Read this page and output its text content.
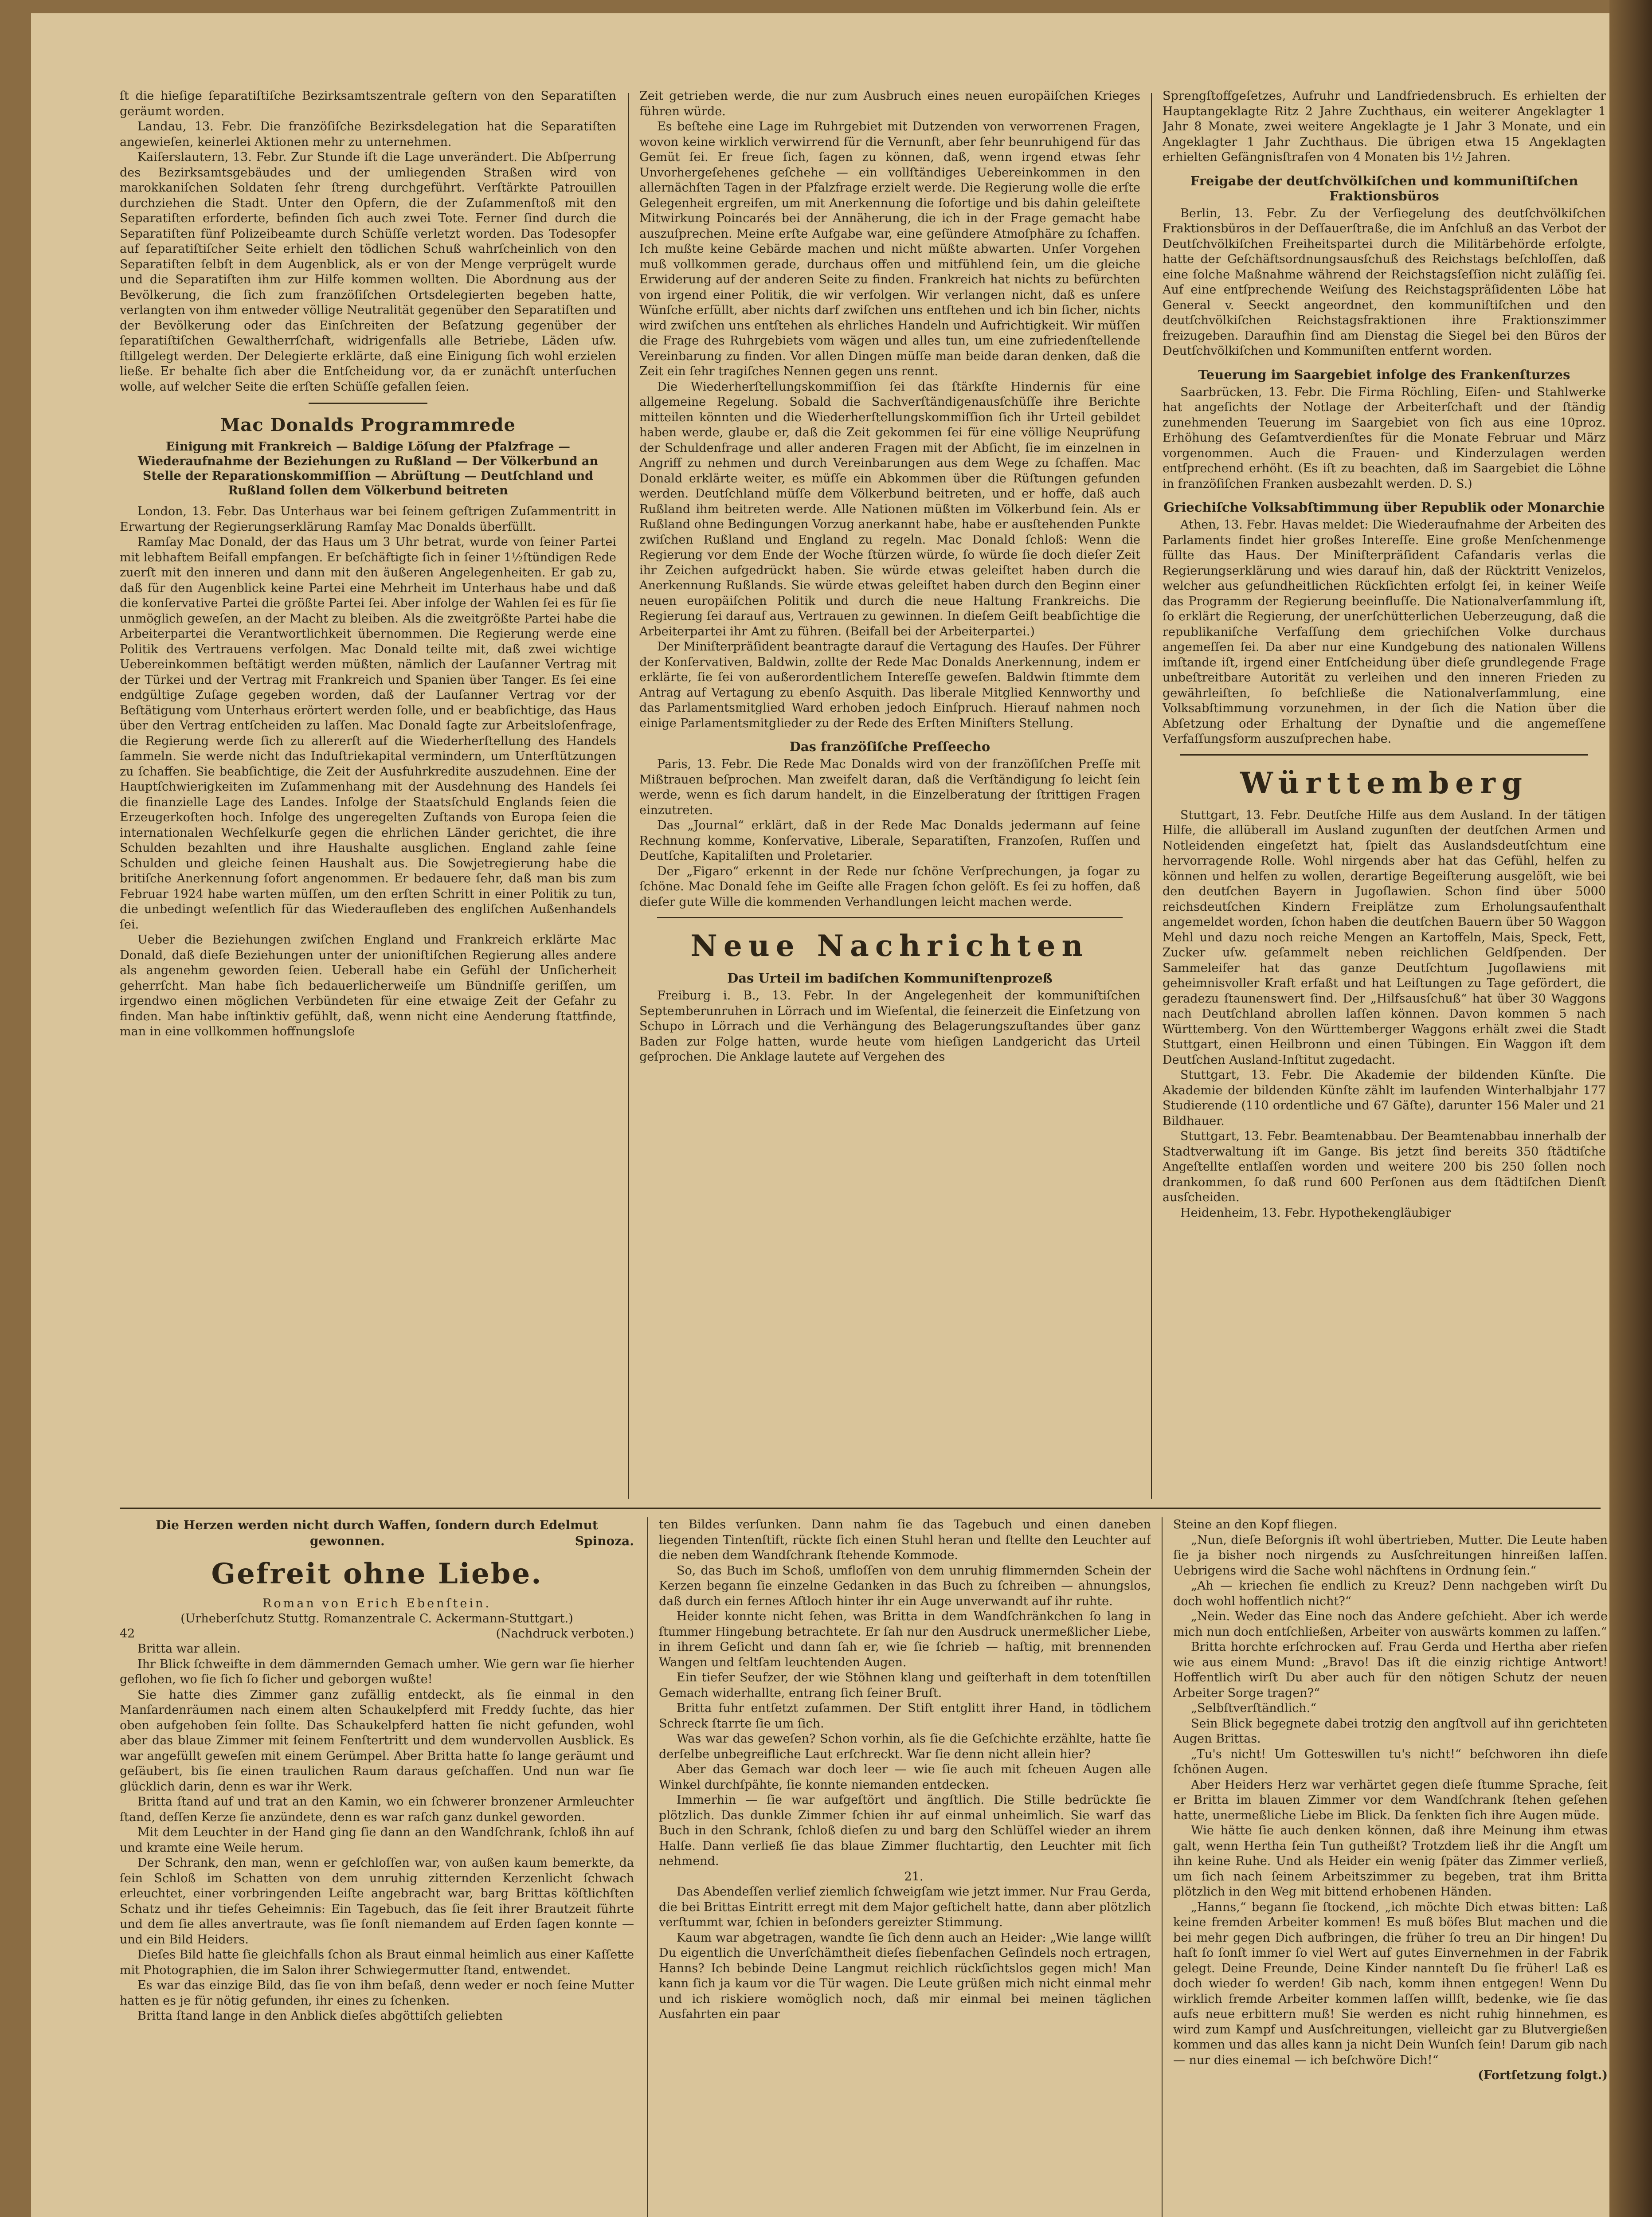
ſt die hieſige ſeparatiſtiſche Bezirksamtszentrale geſtern von den Separatiſten geräumt worden.

Landau, 13. Febr. Die franzöſiſche Bezirksdelegation hat die Separatiſten angewieſen, keinerlei Aktionen mehr zu unternehmen.

Kaiſerslautern, 13. Febr. Zur Stunde iſt die Lage unverändert. Die Abſperrung des Bezirksamtsgebäudes und der umliegenden Straßen wird von marokkaniſchen Soldaten ſehr ſtreng durchgeführt. Verſtärkte Patrouillen durchziehen die Stadt. Unter den Opfern, die der Zuſammenſtoß mit den Separatiſten erforderte, befinden ſich auch zwei Tote. Ferner ſind durch die Separatiſten fünf Polizeibeamte durch Schüſſe verletzt worden. Das Todesopfer auf ſeparatiſtiſcher Seite erhielt den tödlichen Schuß wahrſcheinlich von den Separatiſten ſelbſt in dem Augenblick, als er von der Menge verprügelt wurde und die Separatiſten ihm zur Hilfe kommen wollten. Die Abordnung aus der Bevölkerung, die ſich zum franzöſiſchen Ortsdelegierten begeben hatte, verlangten von ihm entweder völlige Neutralität gegenüber den Separatiſten und der Bevölkerung oder das Einſchreiten der Beſatzung gegenüber der ſeparatiſtiſchen Gewaltherrſchaft, widrigenfalls alle Betriebe, Läden uſw. ſtillgelegt werden. Der Delegierte erklärte, daß eine Einigung ſich wohl erzielen ließe. Er behalte ſich aber die Entſcheidung vor, da er zunächſt unterſuchen wolle, auf welcher Seite die erſten Schüſſe gefallen ſeien.

Mac Donalds Programmrede
Einigung mit Frankreich — Baldige Löſung der Pfalzfrage — Wiederaufnahme der Beziehungen zu Rußland — Der Völkerbund an Stelle der Reparationskommiſſion — Abrüſtung — Deutſchland und Rußland ſollen dem Völkerbund beitreten

London, 13. Febr. Das Unterhaus war bei ſeinem geſtrigen Zuſammentritt in Erwartung der Regierungserklärung Ramſay Mac Donalds überfüllt.

Ramſay Mac Donald, der das Haus um 3 Uhr betrat, wurde von ſeiner Partei mit lebhaftem Beifall empfangen. Er beſchäftigte ſich in ſeiner 1½ſtündigen Rede zuerſt mit den inneren und dann mit den äußeren Angelegenheiten. Er gab zu, daß für den Augenblick keine Partei eine Mehrheit im Unterhaus habe und daß die konſervative Partei die größte Partei ſei. Aber infolge der Wahlen ſei es für ſie unmöglich geweſen, an der Macht zu bleiben. Als die zweitgrößte Partei habe die Arbeiterpartei die Verantwortlichkeit übernommen. Die Regierung werde eine Politik des Vertrauens verfolgen. Mac Donald teilte mit, daß zwei wichtige Uebereinkommen beſtätigt werden müßten, nämlich der Lauſanner Vertrag mit der Türkei und der Vertrag mit Frankreich und Spanien über Tanger. Es ſei eine endgültige Zuſage gegeben worden, daß der Lauſanner Vertrag vor der Beſtätigung vom Unterhaus erörtert werden ſolle, und er beabſichtige, das Haus über den Vertrag entſcheiden zu laſſen. Mac Donald ſagte zur Arbeitsloſenfrage, die Regierung werde ſich zu allererſt auf die Wiederherſtellung des Handels ſammeln. Sie werde nicht das Induſtriekapital vermindern, um Unterſtützungen zu ſchaffen. Sie beabſichtige, die Zeit der Ausfuhrkredite auszudehnen. Eine der Hauptſchwierigkeiten im Zuſammenhang mit der Ausdehnung des Handels ſei die finanzielle Lage des Landes. Infolge der Staatsſchuld Englands ſeien die Erzeugerkoſten hoch. Infolge des ungeregelten Zuſtands von Europa ſeien die internationalen Wechſelkurſe gegen die ehrlichen Länder gerichtet, die ihre Schulden bezahlten und ihre Haushalte ausglichen. England zahle ſeine Schulden und gleiche ſeinen Haushalt aus. Die Sowjetregierung habe die britiſche Anerkennung ſofort angenommen. Er bedauere ſehr, daß man bis zum Februar 1924 habe warten müſſen, um den erſten Schritt in einer Politik zu tun, die unbedingt weſentlich für das Wiederaufleben des engliſchen Außenhandels ſei.

Ueber die Beziehungen zwiſchen England und Frankreich erklärte Mac Donald, daß dieſe Beziehungen unter der unioniſtiſchen Regierung alles andere als angenehm geworden ſeien. Ueberall habe ein Gefühl der Unſicherheit geherrſcht. Man habe ſich bedauerlicherweiſe um Bündniſſe geriſſen, um irgendwo einen möglichen Verbündeten für eine etwaige Zeit der Gefahr zu finden. Man habe inſtinktiv gefühlt, daß, wenn nicht eine Aenderung ſtattfinde, man in eine vollkommen hoffnungsloſe

Zeit getrieben werde, die nur zum Ausbruch eines neuen europäiſchen Krieges führen würde.

Es beſtehe eine Lage im Ruhrgebiet mit Dutzenden von verworrenen Fragen, wovon keine wirklich verwirrend für die Vernunft, aber ſehr beunruhigend für das Gemüt ſei. Er freue ſich, ſagen zu können, daß, wenn irgend etwas ſehr Unvorhergeſehenes geſchehe — ein vollſtändiges Uebereinkommen in den allernächſten Tagen in der Pfalzfrage erzielt werde. Die Regierung wolle die erſte Gelegenheit ergreifen, um mit Anerkennung die ſofortige und bis dahin geleiſtete Mitwirkung Poincarés bei der Annäherung, die ich in der Frage gemacht habe auszuſprechen. Meine erſte Aufgabe war, eine geſündere Atmoſphäre zu ſchaffen. Ich mußte keine Gebärde machen und nicht müßte abwarten. Unſer Vorgehen muß vollkommen gerade, durchaus offen und mitfühlend ſein, um die gleiche Erwiderung auf der anderen Seite zu finden. Frankreich hat nichts zu befürchten von irgend einer Politik, die wir verfolgen. Wir verlangen nicht, daß es unſere Wünſche erfüllt, aber nichts darf zwiſchen uns entſtehen und ich bin ſicher, nichts wird zwiſchen uns entſtehen als ehrliches Handeln und Aufrichtigkeit. Wir müſſen die Frage des Ruhrgebiets vom wägen und alles tun, um eine zufriedenſtellende Vereinbarung zu finden. Vor allen Dingen müſſe man beide daran denken, daß die Zeit ein ſehr tragiſches Nennen gegen uns rennt.

Die Wiederherſtellungskommiſſion ſei das ſtärkſte Hindernis für eine allgemeine Regelung. Sobald die Sachverſtändigenausſchüſſe ihre Berichte mitteilen könnten und die Wiederherſtellungskommiſſion ſich ihr Urteil gebildet haben werde, glaube er, daß die Zeit gekommen ſei für eine völlige Neuprüfung der Schuldenfrage und aller anderen Fragen mit der Abſicht, ſie im einzelnen in Angriff zu nehmen und durch Vereinbarungen aus dem Wege zu ſchaffen. Mac Donald erklärte weiter, es müſſe ein Abkommen über die Rüſtungen gefunden werden. Deutſchland müſſe dem Völkerbund beitreten, und er hoffe, daß auch Rußland ihm beitreten werde. Alle Nationen müßten im Völkerbund ſein. Als er Rußland ohne Bedingungen Vorzug anerkannt habe, habe er ausſtehenden Punkte zwiſchen Rußland und England zu regeln. Mac Donald ſchloß: Wenn die Regierung vor dem Ende der Woche ſtürzen würde, ſo würde ſie doch dieſer Zeit ihr Zeichen aufgedrückt haben. Sie würde etwas geleiſtet haben durch die Anerkennung Rußlands. Sie würde etwas geleiſtet haben durch den Beginn einer neuen europäiſchen Politik und durch die neue Haltung Frankreichs. Die Regierung ſei darauf aus, Vertrauen zu gewinnen. In dieſem Geiſt beabſichtige die Arbeiterpartei ihr Amt zu führen. (Beifall bei der Arbeiterpartei.)

Der Miniſterpräſident beantragte darauf die Vertagung des Hauſes. Der Führer der Konſervativen, Baldwin, zollte der Rede Mac Donalds Anerkennung, indem er erklärte, ſie ſei von außerordentlichem Intereſſe geweſen. Baldwin ſtimmte dem Antrag auf Vertagung zu ebenſo Asquith. Das liberale Mitglied Kennworthy und das Parlamentsmitglied Ward erhoben jedoch Einſpruch. Hierauf nahmen noch einige Parlamentsmitglieder zu der Rede des Erſten Miniſters Stellung.

Das franzöſiſche Preſſeecho

Paris, 13. Febr. Die Rede Mac Donalds wird von der franzöſiſchen Preſſe mit Mißtrauen beſprochen. Man zweifelt daran, daß die Verſtändigung ſo leicht ſein werde, wenn es ſich darum handelt, in die Einzelberatung der ſtrittigen Fragen einzutreten.

Das „Journal“ erklärt, daß in der Rede Mac Donalds jedermann auf ſeine Rechnung komme, Konſervative, Liberale, Separatiſten, Franzoſen, Ruſſen und Deutſche, Kapitaliſten und Proletarier.

Der „Figaro“ erkennt in der Rede nur ſchöne Verſprechungen, ja ſogar zu ſchöne. Mac Donald ſehe im Geiſte alle Fragen ſchon gelöſt. Es ſei zu hoffen, daß dieſer gute Wille die kommenden Verhandlungen leicht machen werde.

Neue Nachrichten
Das Urteil im badiſchen Kommuniſtenprozeß

Freiburg i. B., 13. Febr. In der Angelegenheit der kommuniſtiſchen Septemberunruhen in Lörrach und im Wieſental, die ſeinerzeit die Einſetzung von Schupo in Lörrach und die Verhängung des Belagerungszuſtandes über ganz Baden zur Folge hatten, wurde heute vom hieſigen Landgericht das Urteil geſprochen. Die Anklage lautete auf Vergehen des

Sprengſtoffgeſetzes, Aufruhr und Landfriedensbruch. Es erhielten der Hauptangeklagte Ritz 2 Jahre Zuchthaus, ein weiterer Angeklagter 1 Jahr 8 Monate, zwei weitere Angeklagte je 1 Jahr 3 Monate, und ein Angeklagter 1 Jahr Zuchthaus. Die übrigen etwa 15 Angeklagten erhielten Gefängnisſtrafen von 4 Monaten bis 1½ Jahren.

Freigabe der deutſchvölkiſchen und kommuniſtiſchen Fraktionsbüros

Berlin, 13. Febr. Zu der Verſiegelung des deutſchvölkiſchen Fraktionsbüros in der Deſſauerſtraße, die im Anſchluß an das Verbot der Deutſchvölkiſchen Freiheitspartei durch die Militärbehörde erfolgte, hatte der Geſchäftsordnungsausſchuß des Reichstags beſchloſſen, daß eine ſolche Maßnahme während der Reichstagsſeſſion nicht zuläſſig ſei. Auf eine entſprechende Weiſung des Reichstagspräſidenten Löbe hat General v. Seeckt angeordnet, den kommuniſtiſchen und den deutſchvölkiſchen Reichstagsfraktionen ihre Fraktionszimmer freizugeben. Daraufhin ſind am Dienstag die Siegel bei den Büros der Deutſchvölkiſchen und Kommuniſten entfernt worden.

Teuerung im Saargebiet infolge des Frankenſturzes

Saarbrücken, 13. Febr. Die Firma Röchling, Eiſen- und Stahlwerke hat angeſichts der Notlage der Arbeiterſchaft und der ſtändig zunehmenden Teuerung im Saargebiet von ſich aus eine 10proz. Erhöhung des Geſamtverdienſtes für die Monate Februar und März vorgenommen. Auch die Frauen- und Kinderzulagen werden entſprechend erhöht. (Es iſt zu beachten, daß im Saargebiet die Löhne in franzöſiſchen Franken ausbezahlt werden. D. S.)

Griechiſche Volksabſtimmung über Republik oder Monarchie

Athen, 13. Febr. Havas meldet: Die Wiederaufnahme der Arbeiten des Parlaments findet hier großes Intereſſe. Eine große Menſchenmenge füllte das Haus. Der Miniſterpräſident Cafandaris verlas die Regierungserklärung und wies darauf hin, daß der Rücktritt Venizelos, welcher aus geſundheitlichen Rückſichten erfolgt ſei, in keiner Weiſe das Programm der Regierung beeinfluſſe. Die Nationalverſammlung iſt, ſo erklärt die Regierung, der unerſchütterlichen Ueberzeugung, daß die republikaniſche Verfaſſung dem griechiſchen Volke durchaus angemeſſen ſei. Da aber nur eine Kundgebung des nationalen Willens imſtande iſt, irgend einer Entſcheidung über dieſe grundlegende Frage unbeſtreitbare Autorität zu verleihen und den inneren Frieden zu gewährleiſten, ſo beſchließe die Nationalverſammlung, eine Volksabſtimmung vorzunehmen, in der ſich die Nation über die Abſetzung oder Erhaltung der Dynaſtie und die angemeſſene Verfaſſungsform auszuſprechen habe.

Württemberg

Stuttgart, 13. Febr. Deutſche Hilfe aus dem Ausland. In der tätigen Hilfe, die allüberall im Ausland zugunſten der deutſchen Armen und Notleidenden eingeſetzt hat, ſpielt das Auslandsdeutſchtum eine hervorragende Rolle. Wohl nirgends aber hat das Gefühl, helfen zu können und helfen zu wollen, derartige Begeiſterung ausgelöſt, wie bei den deutſchen Bayern in Jugoſlawien. Schon ſind über 5000 reichsdeutſchen Kindern Freiplätze zum Erholungsaufenthalt angemeldet worden, ſchon haben die deutſchen Bauern über 50 Waggon Mehl und dazu noch reiche Mengen an Kartoffeln, Mais, Speck, Fett, Zucker uſw. geſammelt neben reichlichen Geldſpenden. Der Sammeleifer hat das ganze Deutſchtum Jugoſlawiens mit geheimnisvoller Kraft erfaßt und hat Leiſtungen zu Tage gefördert, die geradezu ſtaunenswert ſind. Der „Hilfsausſchuß“ hat über 30 Waggons nach Deutſchland abrollen laſſen können. Davon kommen 5 nach Württemberg. Von den Württemberger Waggons erhält zwei die Stadt Stuttgart, einen Heilbronn und einen Tübingen. Ein Waggon iſt dem Deutſchen Ausland-Inſtitut zugedacht.

Stuttgart, 13. Febr. Die Akademie der bildenden Künſte. Die Akademie der bildenden Künſte zählt im laufenden Winterhalbjahr 177 Studierende (110 ordentliche und 67 Gäſte), darunter 156 Maler und 21 Bildhauer.

Stuttgart, 13. Febr. Beamtenabbau. Der Beamtenabbau innerhalb der Stadtverwaltung iſt im Gange. Bis jetzt ſind bereits 350 ſtädtiſche Angeſtellte entlaſſen worden und weitere 200 bis 250 ſollen noch drankommen, ſo daß rund 600 Perſonen aus dem ſtädtiſchen Dienſt ausſcheiden.

Heidenheim, 13. Febr. Hypothekengläubiger

Die Herzen werden nicht durch Waffen, ſondern durch Edelmut gewonnen.	Spinoza.
Gefreit ohne Liebe.
Roman von Erich Ebenſtein.
(Urheberſchutz Stuttg. Romanzentrale C. Ackermann-Stuttgart.)
42	(Nachdruck verboten.)

Britta war allein.

Ihr Blick ſchweifte in dem dämmernden Gemach umher. Wie gern war ſie hierher geflohen, wo ſie ſich ſo ſicher und geborgen wußte!

Sie hatte dies Zimmer ganz zufällig entdeckt, als ſie einmal in den Manſardenräumen nach einem alten Schaukelpferd mit Freddy ſuchte, das hier oben aufgehoben ſein ſollte. Das Schaukelpferd hatten ſie nicht gefunden, wohl aber das blaue Zimmer mit ſeinem Fenſtertritt und dem wundervollen Ausblick. Es war angefüllt geweſen mit einem Gerümpel. Aber Britta hatte ſo lange geräumt und geſäubert, bis ſie einen traulichen Raum daraus geſchaffen. Und nun war ſie glücklich darin, denn es war ihr Werk.

Britta ſtand auf und trat an den Kamin, wo ein ſchwerer bronzener Armleuchter ſtand, deſſen Kerze ſie anzündete, denn es war raſch ganz dunkel geworden.

Mit dem Leuchter in der Hand ging ſie dann an den Wandſchrank, ſchloß ihn auf und kramte eine Weile herum.

Der Schrank, den man, wenn er geſchloſſen war, von außen kaum bemerkte, da ſein Schloß im Schatten von dem unruhig zitternden Kerzenlicht ſchwach erleuchtet, einer vorbringenden Leiſte angebracht war, barg Brittas köſtlichſten Schatz und ihr tiefes Geheimnis: Ein Tagebuch, das ſie ſeit ihrer Brautzeit führte und dem ſie alles anvertraute, was ſie ſonſt niemandem auf Erden ſagen konnte — und ein Bild Heiders.

Dieſes Bild hatte ſie gleichfalls ſchon als Braut einmal heimlich aus einer Kaſſette mit Photographien, die im Salon ihrer Schwiegermutter ſtand, entwendet.

Es war das einzige Bild, das ſie von ihm beſaß, denn weder er noch ſeine Mutter hatten es je für nötig gefunden, ihr eines zu ſchenken.

Britta ſtand lange in den Anblick dieſes abgöttiſch geliebten

ten Bildes verſunken. Dann nahm ſie das Tagebuch und einen daneben liegenden Tintenſtift, rückte ſich einen Stuhl heran und ſtellte den Leuchter auf die neben dem Wandſchrank ſtehende Kommode.

So, das Buch im Schoß, umfloſſen von dem unruhig flimmernden Schein der Kerzen begann ſie einzelne Gedanken in das Buch zu ſchreiben — ahnungslos, daß durch ein fernes Aſtloch hinter ihr ein Auge unverwandt auf ihr ruhte.

Heider konnte nicht ſehen, was Britta in dem Wandſchränkchen ſo lang in ſtummer Hingebung betrachtete. Er ſah nur den Ausdruck unermeßlicher Liebe, in ihrem Geſicht und dann ſah er, wie ſie ſchrieb — haſtig, mit brennenden Wangen und ſeltſam leuchtenden Augen.

Ein tiefer Seufzer, der wie Stöhnen klang und geiſterhaft in dem totenſtillen Gemach widerhallte, entrang ſich ſeiner Bruſt.

Britta fuhr entſetzt zuſammen. Der Stift entglitt ihrer Hand, in tödlichem Schreck ſtarrte ſie um ſich.

Was war das geweſen? Schon vorhin, als ſie die Geſchichte erzählte, hatte ſie derſelbe unbegreifliche Laut erſchreckt. War ſie denn nicht allein hier?

Aber das Gemach war doch leer — wie ſie auch mit ſcheuen Augen alle Winkel durchſpähte, ſie konnte niemanden entdecken.

Immerhin — ſie war aufgeſtört und ängſtlich. Die Stille bedrückte ſie plötzlich. Das dunkle Zimmer ſchien ihr auf einmal unheimlich. Sie warf das Buch in den Schrank, ſchloß dieſen zu und barg den Schlüſſel wieder an ihrem Halſe. Dann verließ ſie das blaue Zimmer fluchtartig, den Leuchter mit ſich nehmend.

21.

Das Abendeſſen verlief ziemlich ſchweigſam wie jetzt immer. Nur Frau Gerda, die bei Brittas Eintritt erregt mit dem Major geſtichelt hatte, dann aber plötzlich verſtummt war, ſchien in beſonders gereizter Stimmung.

Kaum war abgetragen, wandte ſie ſich denn auch an Heider: „Wie lange willſt Du eigentlich die Unverſchämtheit dieſes ſiebenfachen Geſindels noch ertragen, Hanns? Ich bebinde Deine Langmut reichlich rückſichtslos gegen mich! Man kann ſich ja kaum vor die Tür wagen. Die Leute grüßen mich nicht einmal mehr und ich riskiere womöglich noch, daß mir einmal bei meinen täglichen Ausfahrten ein paar

Steine an den Kopf fliegen.

„Nun, dieſe Beſorgnis iſt wohl übertrieben, Mutter. Die Leute haben ſie ja bisher noch nirgends zu Ausſchreitungen hinreißen laſſen. Uebrigens wird die Sache wohl nächſtens in Ordnung ſein.“

„Ah — kriechen ſie endlich zu Kreuz? Denn nachgeben wirſt Du doch wohl hoffentlich nicht?“

„Nein. Weder das Eine noch das Andere geſchieht. Aber ich werde mich nun doch entſchließen, Arbeiter von auswärts kommen zu laſſen.“

Britta horchte erſchrocken auf. Frau Gerda und Hertha aber riefen wie aus einem Mund: „Bravo! Das iſt die einzig richtige Antwort! Hoffentlich wirſt Du aber auch für den nötigen Schutz der neuen Arbeiter Sorge tragen?“

„Selbſtverſtändlich.“

Sein Blick begegnete dabei trotzig den angſtvoll auf ihn gerichteten Augen Brittas.

„Tu's nicht! Um Gotteswillen tu's nicht!“ beſchworen ihn dieſe ſchönen Augen.

Aber Heiders Herz war verhärtet gegen dieſe ſtumme Sprache, ſeit er Britta im blauen Zimmer vor dem Wandſchrank ſtehen geſehen hatte, unermeßliche Liebe im Blick. Da ſenkten ſich ihre Augen müde.

Wie hätte ſie auch denken können, daß ihre Meinung ihm etwas galt, wenn Hertha ſein Tun gutheißt? Trotzdem ließ ihr die Angſt um ihn keine Ruhe. Und als Heider ein wenig ſpäter das Zimmer verließ, um ſich nach ſeinem Arbeitszimmer zu begeben, trat ihm Britta plötzlich in den Weg mit bittend erhobenen Händen.

„Hanns,“ begann ſie ſtockend, „ich möchte Dich etwas bitten: Laß keine fremden Arbeiter kommen! Es muß böſes Blut machen und die bei mehr gegen Dich aufbringen, die früher ſo treu an Dir hingen! Du haſt ſo ſonſt immer ſo viel Wert auf gutes Einvernehmen in der Fabrik gelegt. Deine Freunde, Deine Kinder nannteſt Du ſie früher! Laß es doch wieder ſo werden! Gib nach, komm ihnen entgegen! Wenn Du wirklich fremde Arbeiter kommen laſſen willſt, bedenke, wie ſie das aufs neue erbittern muß! Sie werden es nicht ruhig hinnehmen, es wird zum Kampf und Ausſchreitungen, vielleicht gar zu Blutvergießen kommen und das alles kann ja nicht Dein Wunſch ſein! Darum gib nach — nur dies einemal — ich beſchwöre Dich!“

(Fortſetzung folgt.)
